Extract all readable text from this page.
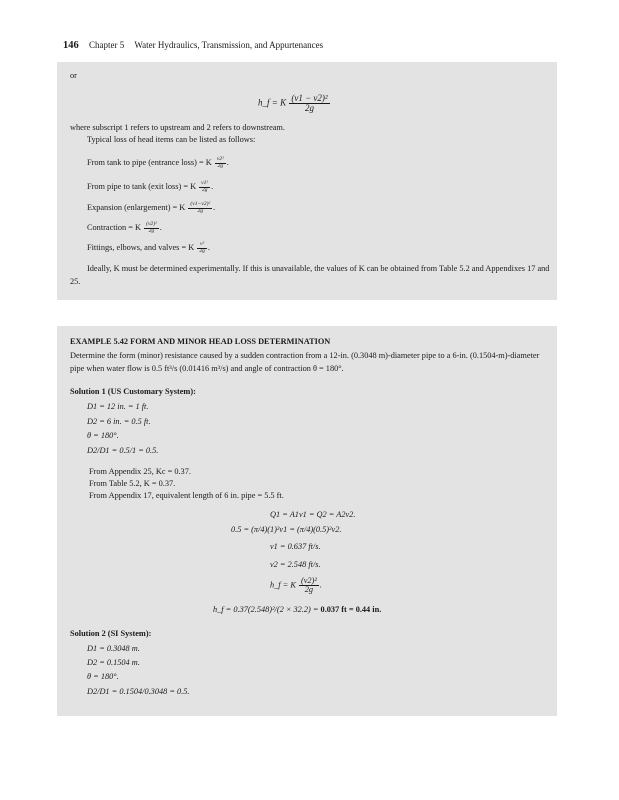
146 Chapter 5 Water Hydraulics, Transmission, and Appurtenances
or
h_f = K $\frac{\text{(v1 − v2)²}}{2g}$
where subscript 1 refers to upstream and 2 refers to downstream.
Typical loss of head items can be listed as follows:
From tank to pipe (entrance loss) = K $\frac{\text{v2²}}{2g}$ .
From pipe to tank (exit loss) = K $\frac{\text{v1²}}{2g}$ .
Expansion (enlargement) = K $\frac{\text{(v1−v2)²}}{2g}$ .
Contraction = K $\frac{\text{(v2)²}}{2g}$ .
Fittings, elbows, and valves = K $\frac{\text{v²}}{2g}$ .
Ideally, K must be determined experimentally. If this is unavailable, the values of K can be obtained from Table 5.2 and Appendixes 17 and 25.
EXAMPLE 5.42 FORM AND MINOR HEAD LOSS DETERMINATION
Determine the form (minor) resistance caused by a sudden contraction from a 12-in. (0.3048 m)-diameter pipe to a 6-in. (0.1504-m)-diameter pipe when water flow is 0.5 ft³/s (0.01416 m³/s) and angle of contraction θ = 180°.
Solution 1 (US Customary System):
D1 = 12 in. = 1 ft.
D2 = 6 in. = 0.5 ft.
θ = 180°.
D2/D1 = 0.5/1 = 0.5.
From Appendix 25, Kc = 0.37.
From Table 5.2, K = 0.37.
From Appendix 17, equivalent length of 6 in. pipe = 5.5 ft.
Q1 = A1v1 = Q2 = A2v2.
0.5 = (π/4)(1)²v1 = (π/4)(0.5)²v2.
v1 = 0.637 ft/s.
v2 = 2.548 ft/s.
h_f = K $\frac{\text{(v2)²}}{2g}$ .
h_f = 0.37(2.548)²/(2 × 32.2) = 0.037 ft = 0.44 in.
Solution 2 (SI System):
D1 = 0.3048 m.
D2 = 0.1504 m.
θ = 180°.
D2/D1 = 0.1504/0.3048 = 0.5.
